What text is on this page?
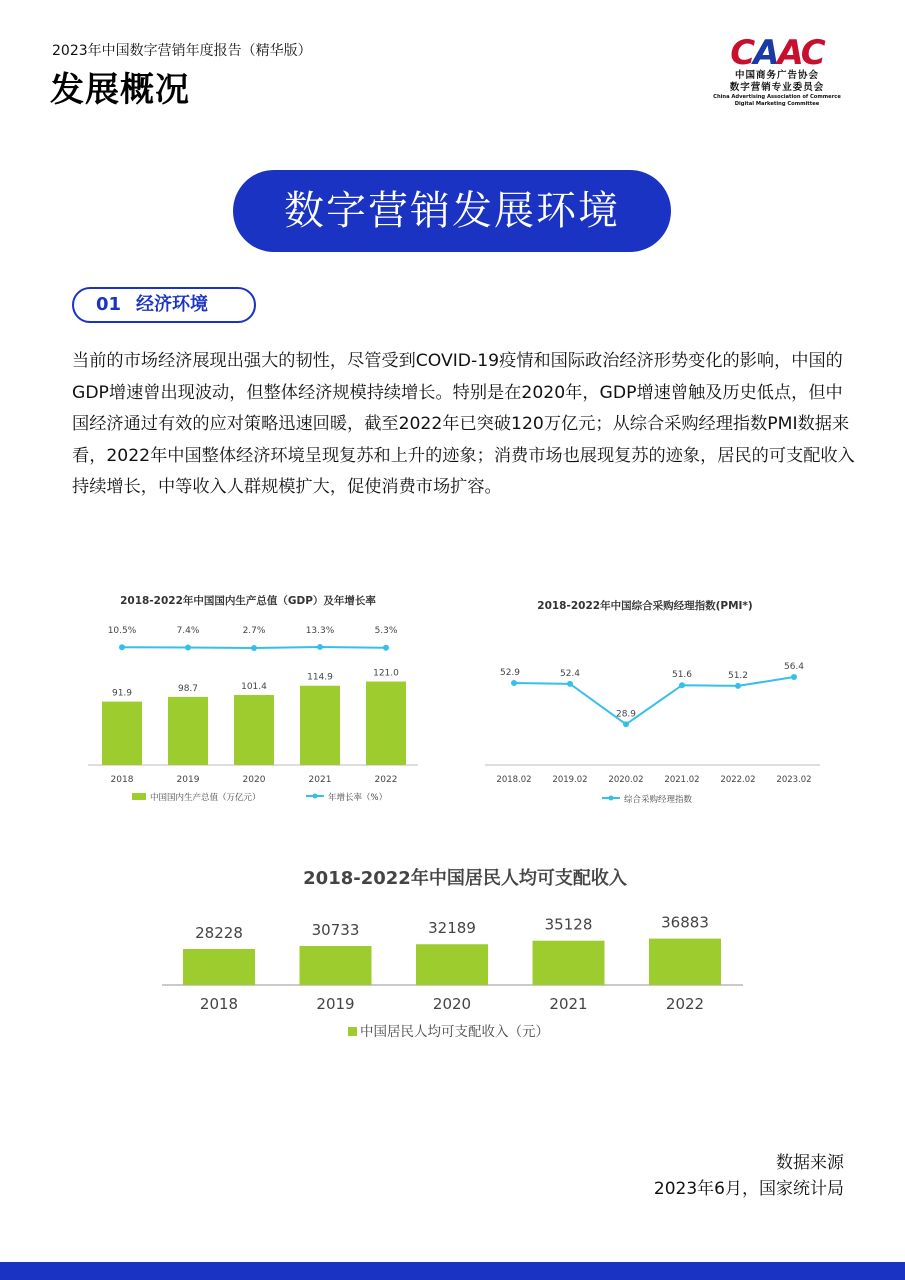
2023年中国数字营销年度报告（精华版）
发展概况
CAAC
中国商务广告协会
数字营销专业委员会
China Advertising Association of Commerce
Digital Marketing Committee
数字营销发展环境
01 经济环境
当前的市场经济展现出强大的韧性，尽管受到COVID-19疫情和国际政治经济形势变化的影响，中国的GDP增速曾出现波动，但整体经济规模持续增长。特别是在2020年，GDP增速曾触及历史低点，但中国经济通过有效的应对策略迅速回暖，截至2022年已突破120万亿元；从综合采购经理指数PMI数据来看，2022年中国整体经济环境呈现复苏和上升的迹象；消费市场也展现复苏的迹象，居民的可支配收入持续增长，中等收入人群规模扩大，促使消费市场扩容。
2018-2022年中国国内生产总值（GDP）及年增长率
91.9
2018
10.5%
98.7
2019
7.4%
101.4
2020
2.7%
114.9
2021
13.3%
121.0
2022
5.3%
中国国内生产总值（万亿元）	年增长率（%）
2018-2022年中国综合采购经理指数(PMI*)
52.9
2018.02
52.4
2019.02
28.9
2020.02
51.6
2021.02
51.2
2022.02
56.4
2023.02
综合采购经理指数
2018-2022年中国居民人均可支配收入
28228
2018
30733
2019
32189
2020
35128
2021
36883
2022
中国居民人均可支配收入（元）
数据来源
2023年6月，国家统计局
